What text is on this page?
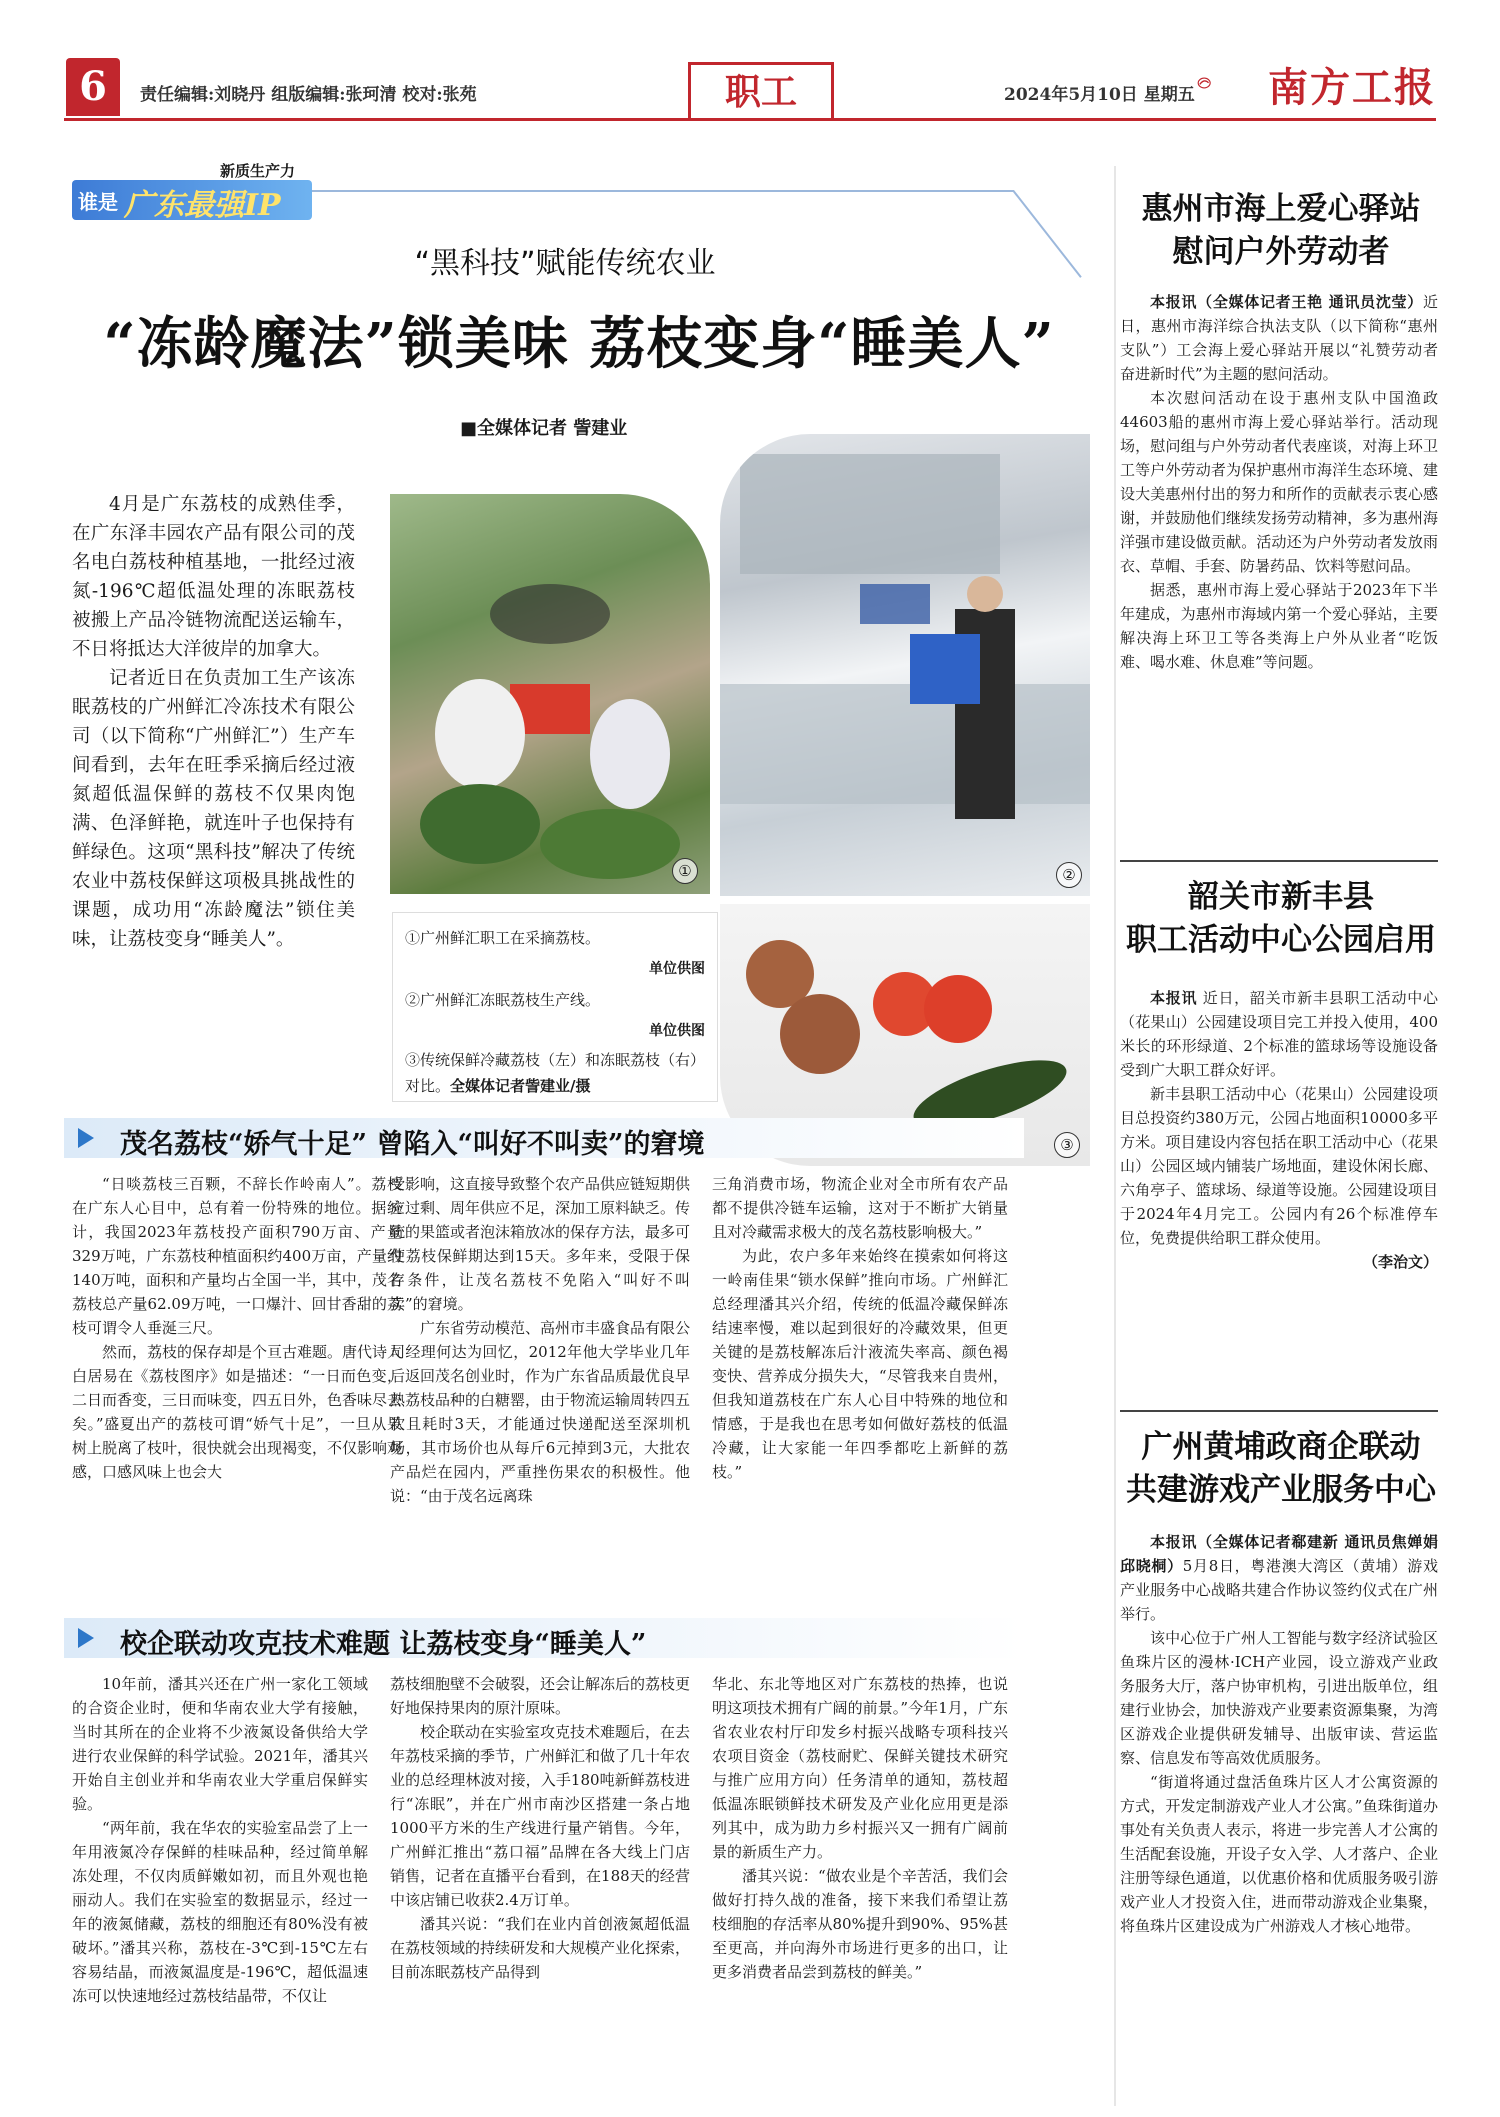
6	责任编辑:刘晓丹 组版编辑:张珂清 校对:张苑	职工	2024年5月10日 星期五 南方工报
新质生产力
谁是 广东最强IP
“黑科技”赋能传统农业
“冻龄魔法”锁美味 荔枝变身“睡美人”
■全媒体记者 訾建业

4月是广东荔枝的成熟佳季，在广东泽丰园农产品有限公司的茂名电白荔枝种植基地，一批经过液氮-196℃超低温处理的冻眠荔枝被搬上产品冷链物流配送运输车，不日将抵达大洋彼岸的加拿大。

记者近日在负责加工生产该冻眠荔枝的广州鲜汇冷冻技术有限公司（以下简称“广州鲜汇”）生产车间看到，去年在旺季采摘后经过液氮超低温保鲜的荔枝不仅果肉饱满、色泽鲜艳，就连叶子也保持有鲜绿色。这项“黑科技”解决了传统农业中荔枝保鲜这项极具挑战性的课题，成功用“冻龄魔法”锁住美味，让荔枝变身“睡美人”。

①	②
③
①广州鲜汇职工在采摘荔枝。
单位供图
②广州鲜汇冻眠荔枝生产线。
单位供图
③传统保鲜冷藏荔枝（左）和冻眠荔枝（右）对比。全媒体记者訾建业/摄
茂名荔枝“娇气十足” 曾陷入“叫好不叫卖”的窘境

“日啖荔枝三百颗，不辞长作岭南人”。荔枝在广东人心目中，总有着一份特殊的地位。据统计，我国2023年荔枝投产面积790万亩、产量329万吨，广东荔枝种植面积约400万亩，产量约140万吨，面积和产量均占全国一半，其中，茂名荔枝总产量62.09万吨，一口爆汁、回甘香甜的荔枝可谓令人垂涎三尺。

然而，荔枝的保存却是个亘古难题。唐代诗人白居易在《荔枝图序》如是描述：“一日而色变，二日而香变，三日而味变，四五日外，色香味尽去矣。”盛夏出产的荔枝可谓“娇气十足”，一旦从果树上脱离了枝叶，很快就会出现褐变，不仅影响观感，口感风味上也会大

受影响，这直接导致整个农产品供应链短期供应过剩、周年供应不足，深加工原料缺乏。传统的果篮或者泡沫箱放冰的保存方法，最多可使荔枝保鲜期达到15天。多年来，受限于保存条件，让茂名荔枝不免陷入“叫好不叫卖”的窘境。

广东省劳动模范、高州市丰盛食品有限公司经理何达为回忆，2012年他大学毕业几年后返回茂名创业时，作为广东省品质最优良早熟荔枝品种的白糖罂，由于物流运输周转四五次且耗时3天，才能通过快递配送至深圳机场，其市场价也从每斤6元掉到3元，大批农产品烂在园内，严重挫伤果农的积极性。他说：“由于茂名远离珠

三角消费市场，物流企业对全市所有农产品都不提供冷链车运输，这对于不断扩大销量且对冷藏需求极大的茂名荔枝影响极大。”

为此，农户多年来始终在摸索如何将这一岭南佳果“锁水保鲜”推向市场。广州鲜汇总经理潘其兴介绍，传统的低温冷藏保鲜冻结速率慢，难以起到很好的冷藏效果，但更关键的是荔枝解冻后汁液流失率高、颜色褐变快、营养成分损失大，“尽管我来自贵州，但我知道荔枝在广东人心目中特殊的地位和情感，于是我也在思考如何做好荔枝的低温冷藏，让大家能一年四季都吃上新鲜的荔枝。”

校企联动攻克技术难题 让荔枝变身“睡美人”

10年前，潘其兴还在广州一家化工领域的合资企业时，便和华南农业大学有接触，当时其所在的企业将不少液氮设备供给大学进行农业保鲜的科学试验。2021年，潘其兴开始自主创业并和华南农业大学重启保鲜实验。

“两年前，我在华农的实验室品尝了上一年用液氮冷存保鲜的桂味品种，经过简单解冻处理，不仅肉质鲜嫩如初，而且外观也艳丽动人。我们在实验室的数据显示，经过一年的液氮储藏，荔枝的细胞还有80%没有被破坏。”潘其兴称，荔枝在-3℃到-15℃左右容易结晶，而液氮温度是-196℃，超低温速冻可以快速地经过荔枝结晶带，不仅让

荔枝细胞壁不会破裂，还会让解冻后的荔枝更好地保持果肉的原汁原味。

校企联动在实验室攻克技术难题后，在去年荔枝采摘的季节，广州鲜汇和做了几十年农业的总经理林波对接，入手180吨新鲜荔枝进行“冻眠”，并在广州市南沙区搭建一条占地1000平方米的生产线进行量产销售。今年，广州鲜汇推出“荔口福”品牌在各大线上门店销售，记者在直播平台看到，在188天的经营中该店铺已收获2.4万订单。

潘其兴说：“我们在业内首创液氮超低温在荔枝领域的持续研发和大规模产业化探索，目前冻眠荔枝产品得到

华北、东北等地区对广东荔枝的热捧，也说明这项技术拥有广阔的前景。”今年1月，广东省农业农村厅印发乡村振兴战略专项科技兴农项目资金（荔枝耐贮、保鲜关键技术研究与推广应用方向）任务清单的通知，荔枝超低温冻眠锁鲜技术研发及产业化应用更是添列其中，成为助力乡村振兴又一拥有广阔前景的新质生产力。

潘其兴说：“做农业是个辛苦活，我们会做好打持久战的准备，接下来我们希望让荔枝细胞的存活率从80%提升到90%、95%甚至更高，并向海外市场进行更多的出口，让更多消费者品尝到荔枝的鲜美。”

惠州市海上爱心驿站
慰问户外劳动者

本报讯（全媒体记者王艳 通讯员沈莹）近日，惠州市海洋综合执法支队（以下简称“惠州支队”）工会海上爱心驿站开展以“礼赞劳动者 奋进新时代”为主题的慰问活动。

本次慰问活动在设于惠州支队中国渔政44603船的惠州市海上爱心驿站举行。活动现场，慰问组与户外劳动者代表座谈，对海上环卫工等户外劳动者为保护惠州市海洋生态环境、建设大美惠州付出的努力和所作的贡献表示衷心感谢，并鼓励他们继续发扬劳动精神，多为惠州海洋强市建设做贡献。活动还为户外劳动者发放雨衣、草帽、手套、防暑药品、饮料等慰问品。

据悉，惠州市海上爱心驿站于2023年下半年建成，为惠州市海域内第一个爱心驿站，主要解决海上环卫工等各类海上户外从业者“吃饭难、喝水难、休息难”等问题。

韶关市新丰县
职工活动中心公园启用

本报讯 近日，韶关市新丰县职工活动中心（花果山）公园建设项目完工并投入使用，400米长的环形绿道、2个标准的篮球场等设施设备受到广大职工群众好评。

新丰县职工活动中心（花果山）公园建设项目总投资约380万元，公园占地面积10000多平方米。项目建设内容包括在职工活动中心（花果山）公园区域内铺装广场地面，建设休闲长廊、六角亭子、篮球场、绿道等设施。公园建设项目于2024年4月完工。公园内有26个标准停车位，免费提供给职工群众使用。

（李治文）
广州黄埔政商企联动
共建游戏产业服务中心

本报讯（全媒体记者郗建新 通讯员焦婵娟 邱晓桐）5月8日，粤港澳大湾区（黄埔）游戏产业服务中心战略共建合作协议签约仪式在广州举行。

该中心位于广州人工智能与数字经济试验区鱼珠片区的漫林·ICH产业园，设立游戏产业政务服务大厅，落户协审机构，引进出版单位，组建行业协会，加快游戏产业要素资源集聚，为湾区游戏企业提供研发辅导、出版审读、营运监察、信息发布等高效优质服务。

“街道将通过盘活鱼珠片区人才公寓资源的方式，开发定制游戏产业人才公寓。”鱼珠街道办事处有关负责人表示，将进一步完善人才公寓的生活配套设施，开设子女入学、人才落户、企业注册等绿色通道，以优惠价格和优质服务吸引游戏产业人才投资入住，进而带动游戏企业集聚，将鱼珠片区建设成为广州游戏人才核心地带。
